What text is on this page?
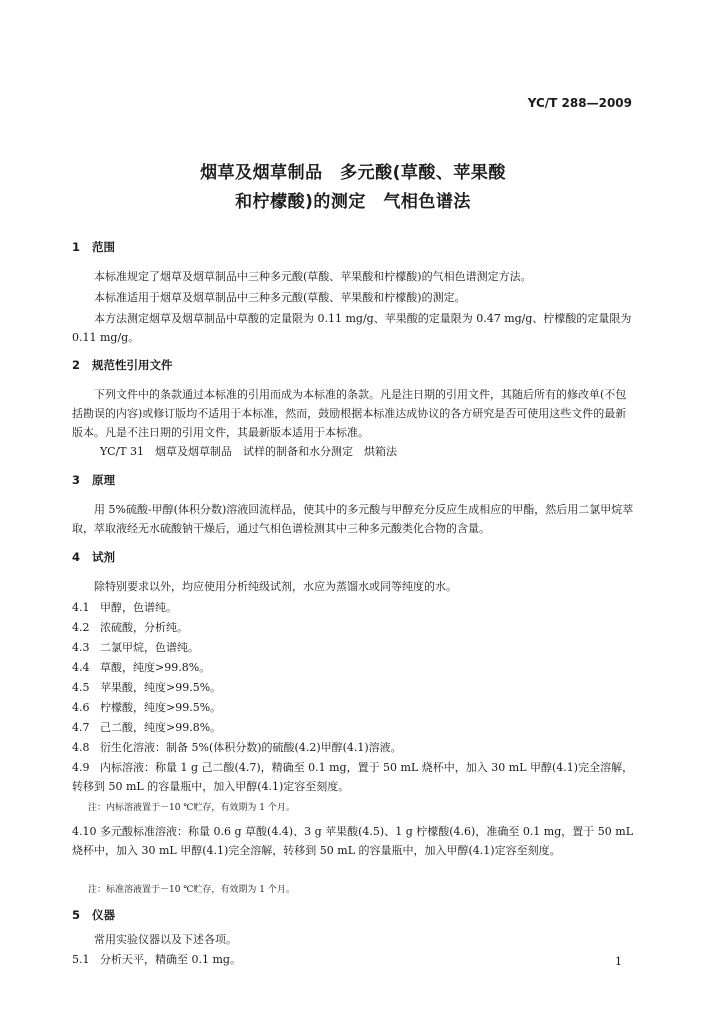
YC/T 288—2009
烟草及烟草制品　多元酸(草酸、苹果酸
和柠檬酸)的测定　气相色谱法
1 范围
本标准规定了烟草及烟草制品中三种多元酸(草酸、苹果酸和柠檬酸)的气相色谱测定方法。
本标准适用于烟草及烟草制品中三种多元酸(草酸、苹果酸和柠檬酸)的测定。
本方法测定烟草及烟草制品中草酸的定量限为 0.11 mg/g、苹果酸的定量限为 0.47 mg/g、柠檬酸的定量限为 0.11 mg/g。
2 规范性引用文件
下列文件中的条款通过本标准的引用而成为本标准的条款。凡是注日期的引用文件，其随后所有的修改单(不包括勘误的内容)或修订版均不适用于本标准，然而，鼓励根据本标准达成协议的各方研究是否可使用这些文件的最新版本。凡是不注日期的引用文件，其最新版本适用于本标准。
YC/T 31　烟草及烟草制品　试样的制备和水分测定　烘箱法
3 原理
用 5%硫酸-甲醇(体积分数)溶液回流样品，使其中的多元酸与甲醇充分反应生成相应的甲酯，然后用二氯甲烷萃取，萃取液经无水硫酸钠干燥后，通过气相色谱检测其中三种多元酸类化合物的含量。
4 试剂
除特别要求以外，均应使用分析纯级试剂，水应为蒸馏水或同等纯度的水。
4.1 甲醇，色谱纯。
4.2 浓硫酸，分析纯。
4.3 二氯甲烷，色谱纯。
4.4 草酸，纯度>99.8%。
4.5 苹果酸，纯度>99.5%。
4.6 柠檬酸，纯度>99.5%。
4.7 己二酸，纯度>99.8%。
4.8 衍生化溶液：制备 5%(体积分数)的硫酸(4.2)甲醇(4.1)溶液。
4.9 内标溶液：称量 1 g 己二酸(4.7)，精确至 0.1 mg，置于 50 mL 烧杯中，加入 30 mL 甲醇(4.1)完全溶解，转移到 50 mL 的容量瓶中，加入甲醇(4.1)定容至刻度。
注：内标溶液置于－10 ℃贮存，有效期为 1 个月。
4.10 多元酸标准溶液：称量 0.6 g 草酸(4.4)、3 g 苹果酸(4.5)、1 g 柠檬酸(4.6)，准确至 0.1 mg，置于 50 mL 烧杯中，加入 30 mL 甲醇(4.1)完全溶解，转移到 50 mL 的容量瓶中，加入甲醇(4.1)定容至刻度。
注：标准溶液置于－10 ℃贮存，有效期为 1 个月。
5 仪器
常用实验仪器以及下述各项。
5.1 分析天平，精确至 0.1 mg。	1
